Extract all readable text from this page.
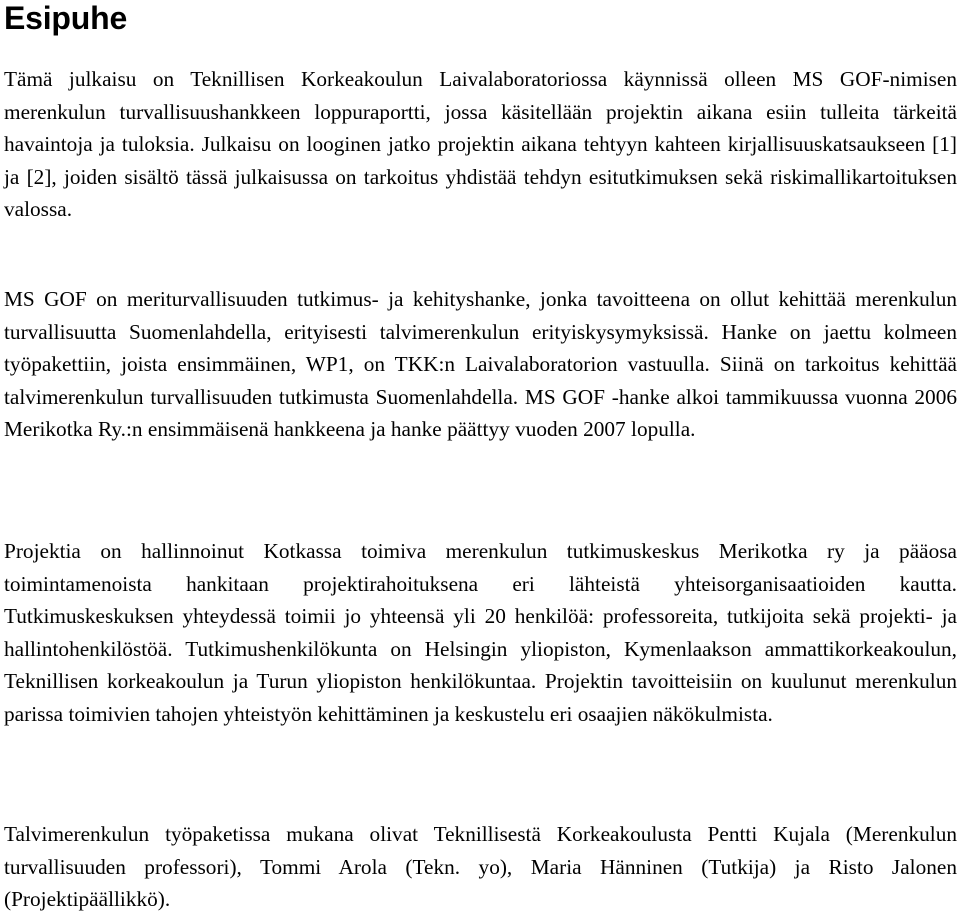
Esipuhe

Tämä julkaisu on Teknillisen Korkeakoulun Laivalaboratoriossa käynnissä olleen MS GOF-nimisen merenkulun turvallisuushankkeen loppuraportti, jossa käsitellään projektin aikana esiin tulleita tärkeitä havaintoja ja tuloksia. Julkaisu on looginen jatko projektin aikana tehtyyn kahteen kirjallisuuskatsaukseen [1] ja [2], joiden sisältö tässä julkaisussa on tarkoitus yhdistää tehdyn esitutkimuksen sekä riskimallikartoituksen valossa.

MS GOF on meriturvallisuuden tutkimus- ja kehityshanke, jonka tavoitteena on ollut kehittää merenkulun turvallisuutta Suomenlahdella, erityisesti talvimerenkulun erityiskysymyksissä. Hanke on jaettu kolmeen työpakettiin, joista ensimmäinen, WP1, on TKK:n Laivalaboratorion vastuulla. Siinä on tarkoitus kehittää talvimerenkulun turvallisuuden tutkimusta Suomenlahdella. MS GOF -hanke alkoi tammikuussa vuonna 2006 Merikotka Ry.:n ensimmäisenä hankkeena ja hanke päättyy vuoden 2007 lopulla.

Projektia on hallinnoinut Kotkassa toimiva merenkulun tutkimuskeskus Merikotka ry ja pääosa toimintamenoista hankitaan projektirahoituksena eri lähteistä yhteisorganisaatioiden kautta. Tutkimuskeskuksen yhteydessä toimii jo yhteensä yli 20 henkilöä: professoreita, tutkijoita sekä projekti- ja hallintohenkilöstöä. Tutkimushenkilökunta on Helsingin yliopiston, Kymenlaakson ammattikorkeakoulun, Teknillisen korkeakoulun ja Turun yliopiston henkilökuntaa. Projektin tavoitteisiin on kuulunut merenkulun parissa toimivien tahojen yhteistyön kehittäminen ja keskustelu eri osaajien näkökulmista.

Talvimerenkulun työpaketissa mukana olivat Teknillisestä Korkeakoulusta Pentti Kujala (Merenkulun turvallisuuden professori), Tommi Arola (Tekn. yo), Maria Hänninen (Tutkija) ja Risto Jalonen (Projektipäällikkö).
